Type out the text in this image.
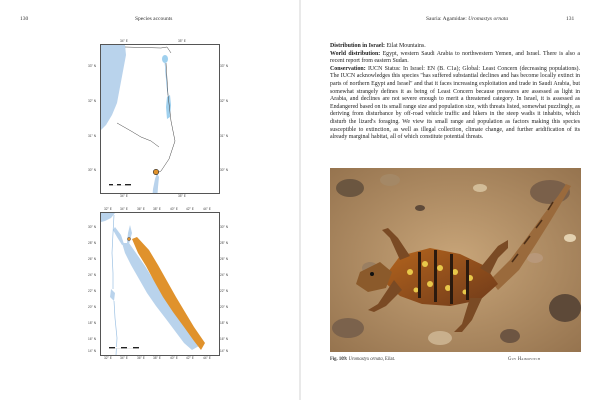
130	Species accounts
34° E	35° E
34° E	35° E
33° N
32° N
31° N
30° N
33° N
32° N
31° N
30° N
32° E	34° E	36° E	38° E	40° E	42° E	44° E
32° E	34° E	36° E	38° E	40° E	42° E	44° E
30° N
28° N
26° N
24° N
22° N
20° N
18° N
16° N
14° N
30° N
28° N
26° N
24° N
22° N
20° N
18° N
16° N
14° N
Sauria: Agamidae: Uromastyx ornata	131

Distribution in Israel: Eilat Mountains.

World distribution: Egypt, western Saudi Arabia to northwestern Yemen, and Israel. There is also a recent report from eastern Sudan.

Conservation: IUCN Status: In Israel: EN (B. C1a); Global: Least Concern (decreasing populations). The IUCN acknowledges this species "has suffered substantial declines and has become locally extinct in parts of northern Egypt and Israel" and that it faces increasing exploitation and trade in Saudi Arabia, but somewhat strangely defines it as being of Least Concern because pressures are assessed as light in Arabia, and declines are not severe enough to merit a threatened category. In Israel, it is assessed as Endangered based on its small range size and population size, with threats listed, somewhat puzzlingly, as deriving from disturbance by off-road vehicle traffic and hikers in the steep wadis it inhabits, which disturb the lizard's foraging. We view its small range and population as factors making this species susceptible to extinction, as well as illegal collection, climate change, and further aridification of its already marginal habitat, all of which constitute potential threats.

Fig. 109: Uromastyx ornata, Eilat.	Guy Haimovitch
